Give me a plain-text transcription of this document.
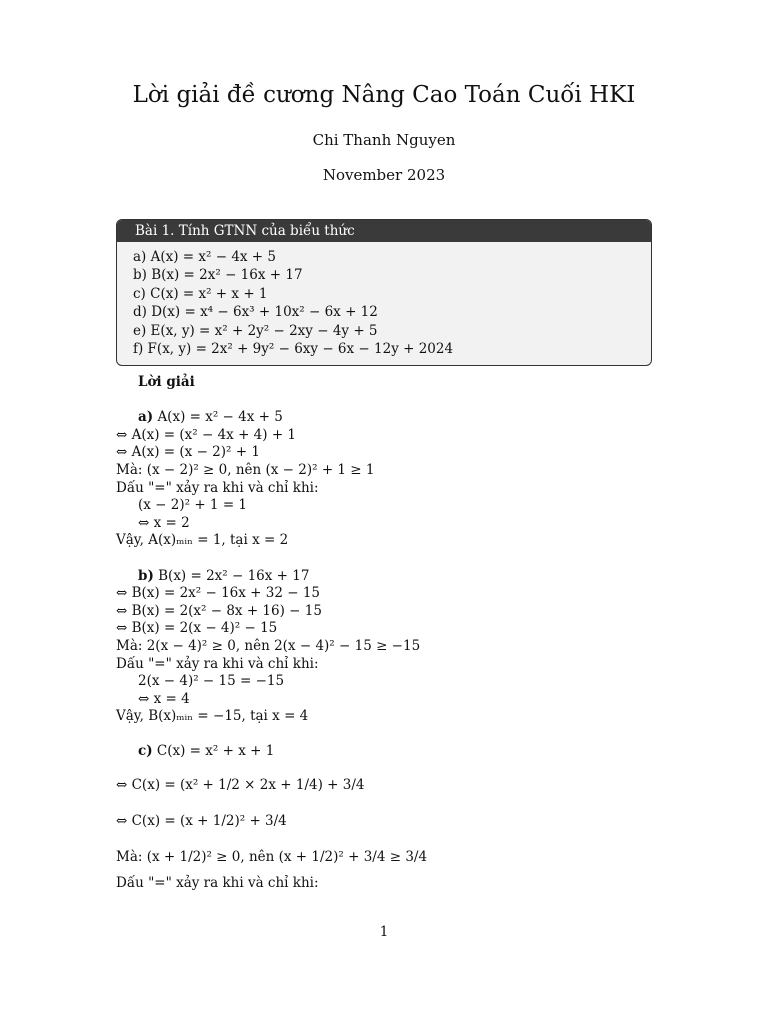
Lời giải đề cương Nâng Cao Toán Cuối HKI
Chi Thanh Nguyen
November 2023
Bài 1. Tính GTNN của biểu thức
a) A(x) = x² − 4x + 5
b) B(x) = 2x² − 16x + 17
c) C(x) = x² + x + 1
d) D(x) = x⁴ − 6x³ + 10x² − 6x + 12
e) E(x, y) = x² + 2y² − 2xy − 4y + 5
f) F(x, y) = 2x² + 9y² − 6xy − 6x − 12y + 2024
Lời giải
a) A(x) = x² − 4x + 5
⇔ A(x) = (x² − 4x + 4) + 1
⇔ A(x) = (x − 2)² + 1
Mà: (x − 2)² ≥ 0, nên (x − 2)² + 1 ≥ 1
Dấu "=" xảy ra khi và chỉ khi:
(x − 2)² + 1 = 1
⇔ x = 2
Vậy, A(x)ₘᵢₙ = 1, tại x = 2
b) B(x) = 2x² − 16x + 17
⇔ B(x) = 2x² − 16x + 32 − 15
⇔ B(x) = 2(x² − 8x + 16) − 15
⇔ B(x) = 2(x − 4)² − 15
Mà: 2(x − 4)² ≥ 0, nên 2(x − 4)² − 15 ≥ −15
Dấu "=" xảy ra khi và chỉ khi:
2(x − 4)² − 15 = −15
⇔ x = 4
Vậy, B(x)ₘᵢₙ = −15, tại x = 4
c) C(x) = x² + x + 1
⇔ C(x) = (x² + 1/2 × 2x + 1/4) + 3/4
⇔ C(x) = (x + 1/2)² + 3/4
Mà: (x + 1/2)² ≥ 0, nên (x + 1/2)² + 3/4 ≥ 3/4
Dấu "=" xảy ra khi và chỉ khi:
1
